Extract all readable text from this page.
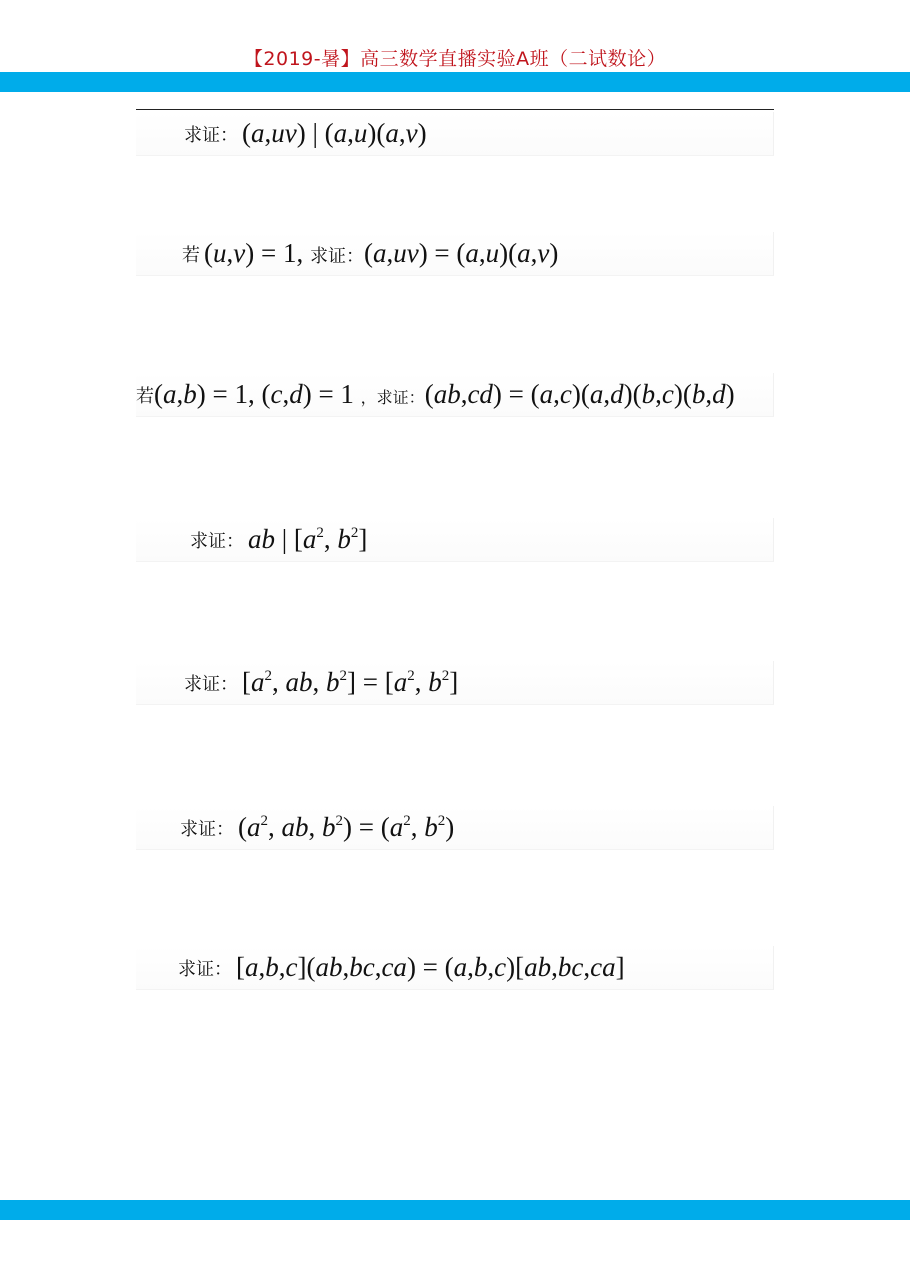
【2019-暑】高三数学直播实验A班（二试数论）
求证： (a,uv) | (a,u)(a,v)
若 (u,v) = 1, 求证：(a,uv) = (a,u)(a,v)
若 (a,b) = 1, (c,d) = 1 ，求证：(ab,cd) = (a,c)(a,d)(b,c)(b,d)
求证： ab | [$a^2$, $b^2$]
求证： [$a^2$, ab, $b^2] = [a^2$, $b^2$]
求证： ($a^2$, ab, $b^2) = (a^2$, $b^2$)
求证： [a,b,c](ab,bc,ca) = (a,b,c)[ab,bc,ca]
